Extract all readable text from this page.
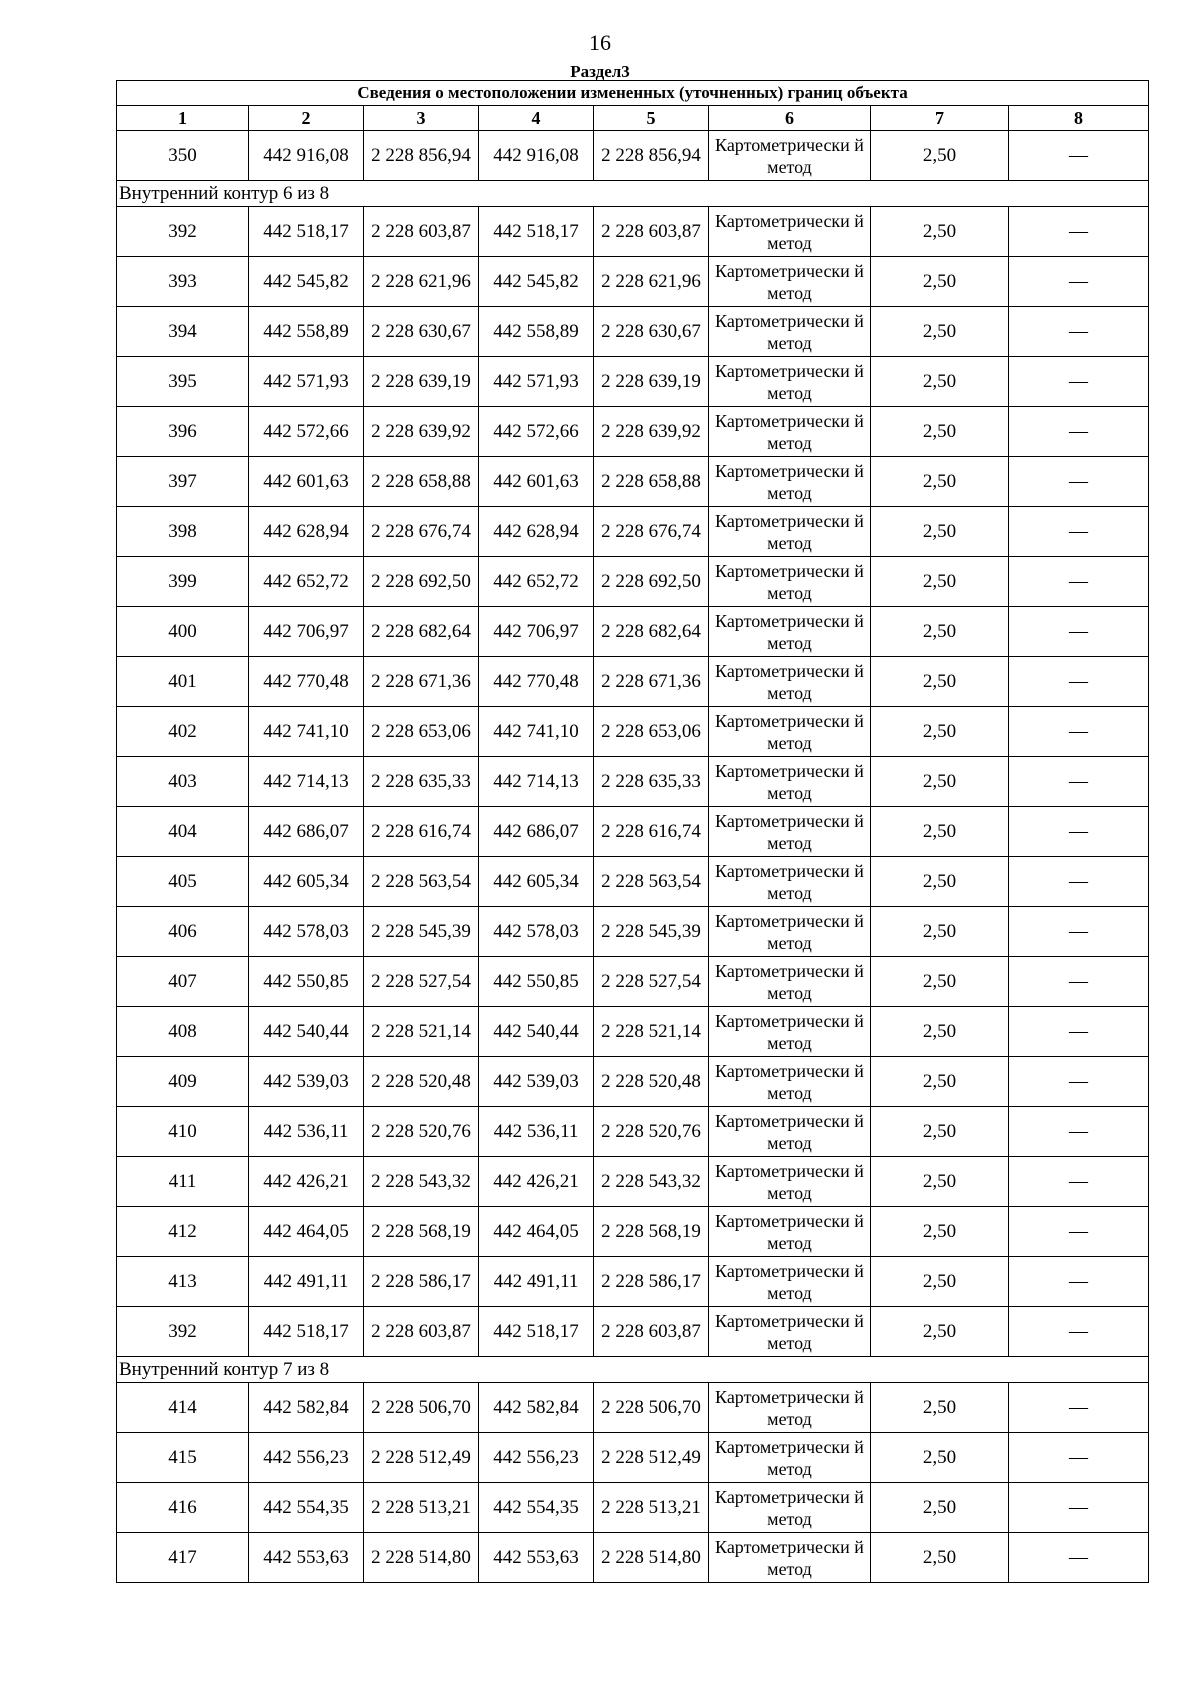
16
Раздел3
Сведения о местоположении измененных (уточненных) границ объекта							
1	2	3	4	5	6	7	8
350	442 916,08	2 228 856,94	442 916,08	2 228 856,94	Картометрически й метод	2,50	—
Внутренний контур 6 из 8							
392	442 518,17	2 228 603,87	442 518,17	2 228 603,87	Картометрически й метод	2,50	—
393	442 545,82	2 228 621,96	442 545,82	2 228 621,96	Картометрически й метод	2,50	—
394	442 558,89	2 228 630,67	442 558,89	2 228 630,67	Картометрически й метод	2,50	—
395	442 571,93	2 228 639,19	442 571,93	2 228 639,19	Картометрически й метод	2,50	—
396	442 572,66	2 228 639,92	442 572,66	2 228 639,92	Картометрически й метод	2,50	—
397	442 601,63	2 228 658,88	442 601,63	2 228 658,88	Картометрически й метод	2,50	—
398	442 628,94	2 228 676,74	442 628,94	2 228 676,74	Картометрически й метод	2,50	—
399	442 652,72	2 228 692,50	442 652,72	2 228 692,50	Картометрически й метод	2,50	—
400	442 706,97	2 228 682,64	442 706,97	2 228 682,64	Картометрически й метод	2,50	—
401	442 770,48	2 228 671,36	442 770,48	2 228 671,36	Картометрически й метод	2,50	—
402	442 741,10	2 228 653,06	442 741,10	2 228 653,06	Картометрически й метод	2,50	—
403	442 714,13	2 228 635,33	442 714,13	2 228 635,33	Картометрически й метод	2,50	—
404	442 686,07	2 228 616,74	442 686,07	2 228 616,74	Картометрически й метод	2,50	—
405	442 605,34	2 228 563,54	442 605,34	2 228 563,54	Картометрически й метод	2,50	—
406	442 578,03	2 228 545,39	442 578,03	2 228 545,39	Картометрически й метод	2,50	—
407	442 550,85	2 228 527,54	442 550,85	2 228 527,54	Картометрически й метод	2,50	—
408	442 540,44	2 228 521,14	442 540,44	2 228 521,14	Картометрически й метод	2,50	—
409	442 539,03	2 228 520,48	442 539,03	2 228 520,48	Картометрически й метод	2,50	—
410	442 536,11	2 228 520,76	442 536,11	2 228 520,76	Картометрически й метод	2,50	—
411	442 426,21	2 228 543,32	442 426,21	2 228 543,32	Картометрически й метод	2,50	—
412	442 464,05	2 228 568,19	442 464,05	2 228 568,19	Картометрически й метод	2,50	—
413	442 491,11	2 228 586,17	442 491,11	2 228 586,17	Картометрически й метод	2,50	—
392	442 518,17	2 228 603,87	442 518,17	2 228 603,87	Картометрически й метод	2,50	—
Внутренний контур 7 из 8							
414	442 582,84	2 228 506,70	442 582,84	2 228 506,70	Картометрически й метод	2,50	—
415	442 556,23	2 228 512,49	442 556,23	2 228 512,49	Картометрически й метод	2,50	—
416	442 554,35	2 228 513,21	442 554,35	2 228 513,21	Картометрически й метод	2,50	—
417	442 553,63	2 228 514,80	442 553,63	2 228 514,80	Картометрически й метод	2,50	—
